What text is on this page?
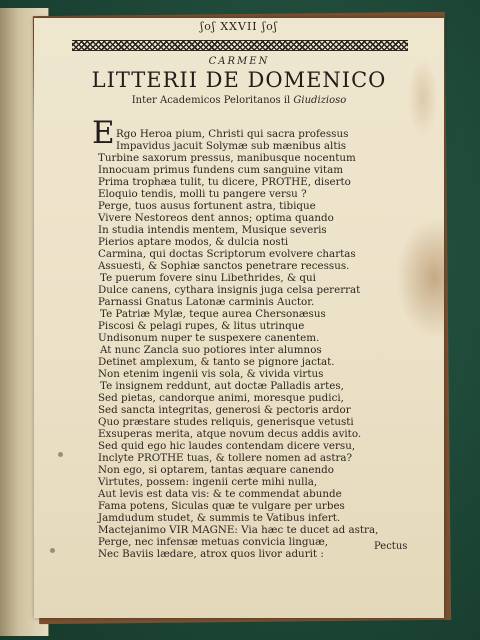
ʃoʃ XXVII ʃoʃ
CARMEN
LITTERII DE DOMENICO
Inter Academicos Peloritanos il Giudizioso
E Rgo Heroa pium, Christi qui sacra professus
Impavidus jacuit Solymæ sub mænibus altis
Turbine saxorum pressus, manibusque nocentum
Innocuam primus fundens cum sanguine vitam
Prima trophæa tulit, tu dicere, PROTHE, diserto
Eloquio tendis, molli tu pangere versu ?
Perge, tuos ausus fortunent astra, tibique
Vivere Nestoreos dent annos; optima quando
In studia intendis mentem, Musique severis
Pierios aptare modos, & dulcia nosti
Carmina, qui doctas Scriptorum evolvere chartas
Assuesti, & Sophiæ sanctos penetrare recessus.
Te puerum fovere sinu Libethrides, & qui
Dulce canens, cythara insignis juga celsa pererrat
Parnassi Gnatus Latonæ carminis Auctor.
Te Patriæ Mylæ, teque aurea Chersonæsus
Piscosi & pelagi rupes, & litus utrinque
Undisonum nuper te suspexere canentem.
At nunc Zancla suo potiores inter alumnos
Detinet amplexum, & tanto se pignore jactat.
Non etenim ingenii vis sola, & vivida virtus
Te insignem reddunt, aut doctæ Palladis artes,
Sed pietas, candorque animi, moresque pudici,
Sed sancta integritas, generosi & pectoris ardor
Quo præstare studes reliquis, generisque vetusti
Exsuperas merita, atque novum decus addis avito.
Sed quid ego hic laudes contendam dicere versu,
Inclyte PROTHE tuas, & tollere nomen ad astra?
Non ego, si optarem, tantas æquare canendo
Virtutes, possem: ingenii certe mihi nulla,
Aut levis est data vis: & te commendat abunde
Fama potens, Siculas quæ te vulgare per urbes
Jamdudum studet, & summis te Vatibus infert.
Mactejanimo VIR MAGNE: Via hæc te ducet ad astra,
Perge, nec infensæ metuas convicia linguæ,
Nec Baviis lædare, atrox quos livor adurit :
Pectus
